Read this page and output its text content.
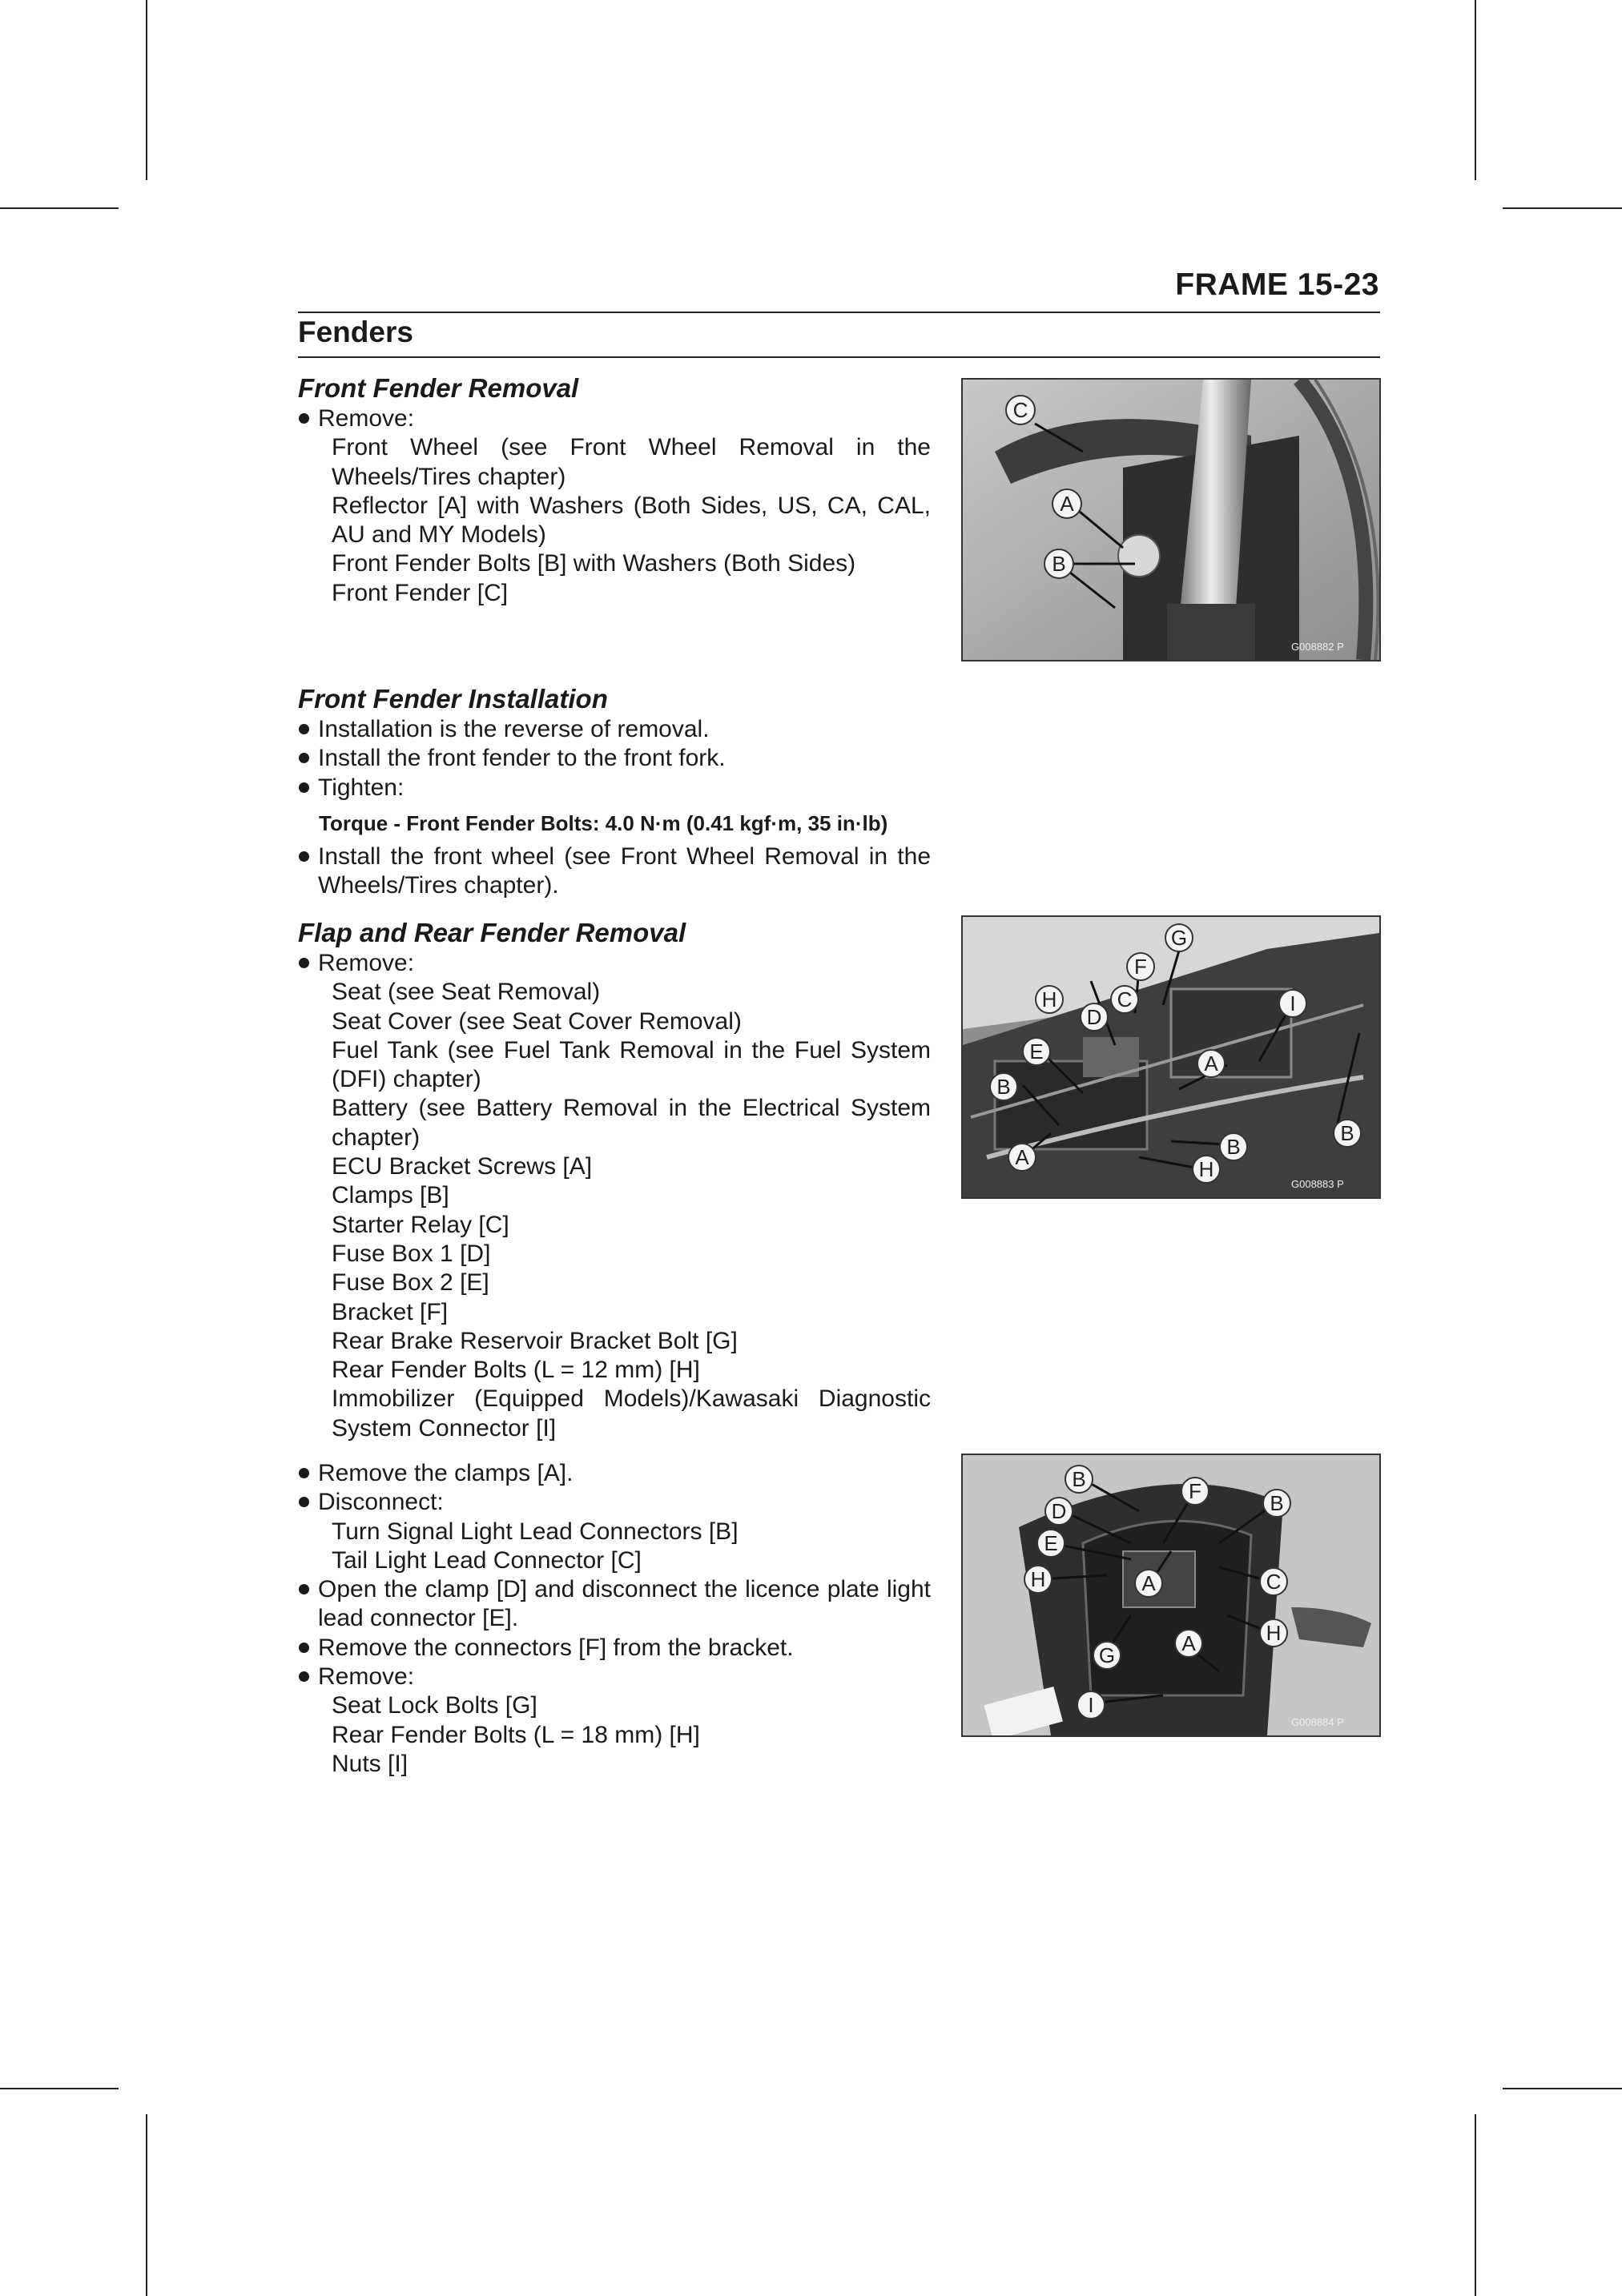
FRAME 15-23
Fenders
Front Fender Removal
Remove:
Front Wheel (see Front Wheel Removal in the Wheels/Tires chapter)
Reflector [A] with Washers (Both Sides, US, CA, CAL, AU and MY Models)
Front Fender Bolts [B] with Washers (Both Sides)
Front Fender [C]
Front Fender Installation
Installation is the reverse of removal.
Install the front fender to the front fork.
Tighten:
Torque - Front Fender Bolts: 4.0 N·m (0.41 kgf·m, 35 in·lb)
Install the front wheel (see Front Wheel Removal in the Wheels/Tires chapter).
Flap and Rear Fender Removal
Remove:
Seat (see Seat Removal)
Seat Cover (see Seat Cover Removal)
Fuel Tank (see Fuel Tank Removal in the Fuel System (DFI) chapter)
Battery (see Battery Removal in the Electrical System chapter)
ECU Bracket Screws [A]
Clamps [B]
Starter Relay [C]
Fuse Box 1 [D]
Fuse Box 2 [E]
Bracket [F]
Rear Brake Reservoir Bracket Bolt [G]
Rear Fender Bolts (L = 12 mm) [H]
Immobilizer (Equipped Models)/Kawasaki Diagnostic System Connector [I]
Remove the clamps [A].
Disconnect:
Turn Signal Light Lead Connectors [B]
Tail Light Lead Connector [C]
Open the clamp [D] and disconnect the licence plate light lead connector [E].
Remove the connectors [F] from the bracket.
Remove:
Seat Lock Bolts [G]
Rear Fender Bolts (L = 18 mm) [H]
Nuts [I]
C
A
B
G008882 P
G
F
H
D
C	I
E	A
B
B
B
A	H
G008883 P
B	F	B
D
E
H	A	C
H
G	A
I
G008884 P
